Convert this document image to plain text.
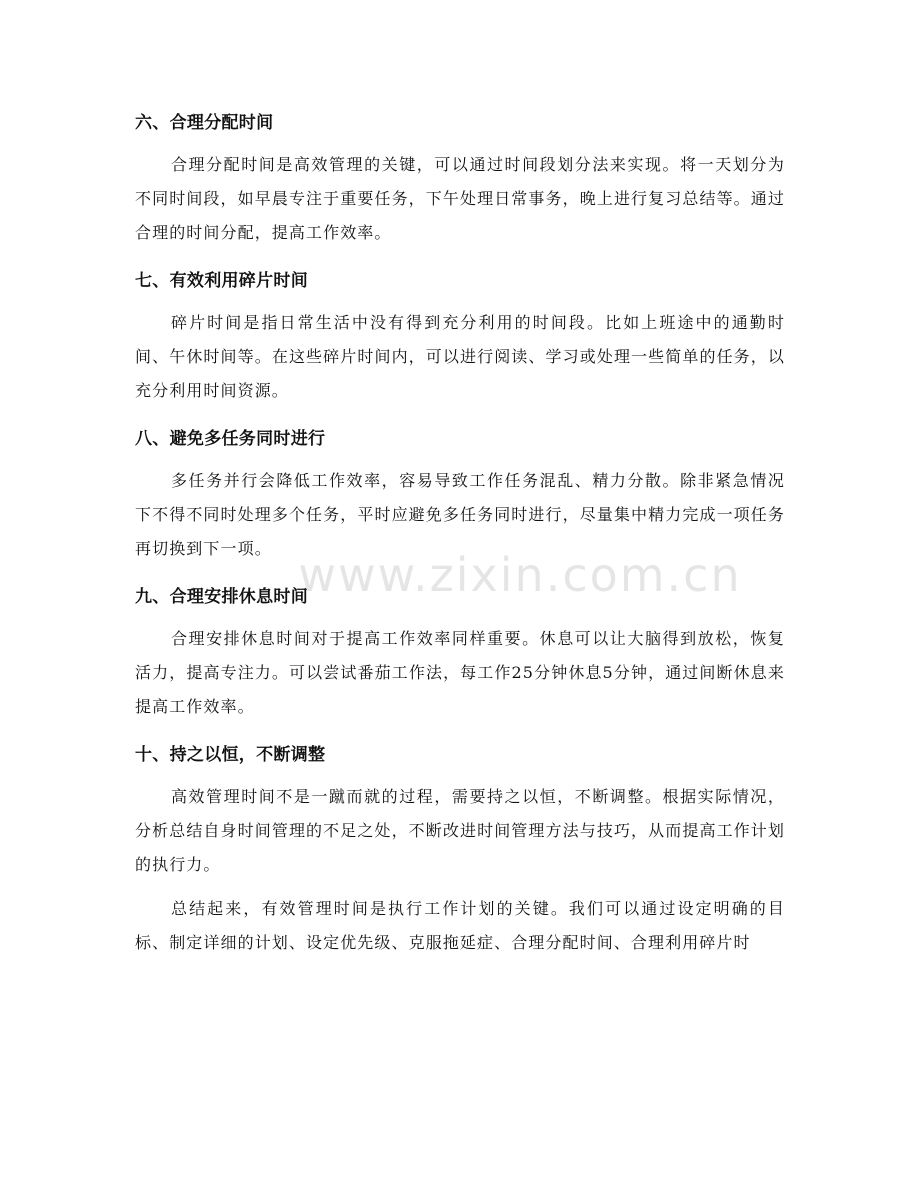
六、合理分配时间

合理分配时间是高效管理的关键，可以通过时间段划分法来实现。将一天划分为不同时间段，如早晨专注于重要任务，下午处理日常事务，晚上进行复习总结等。通过合理的时间分配，提高工作效率。

七、有效利用碎片时间

碎片时间是指日常生活中没有得到充分利用的时间段。比如上班途中的通勤时间、午休时间等。在这些碎片时间内，可以进行阅读、学习或处理一些简单的任务，以充分利用时间资源。

八、避免多任务同时进行

多任务并行会降低工作效率，容易导致工作任务混乱、精力分散。除非紧急情况下不得不同时处理多个任务，平时应避免多任务同时进行，尽量集中精力完成一项任务再切换到下一项。

九、合理安排休息时间

合理安排休息时间对于提高工作效率同样重要。休息可以让大脑得到放松，恢复活力，提高专注力。可以尝试番茄工作法，每工作25分钟休息5分钟，通过间断休息来提高工作效率。

十、持之以恒，不断调整

高效管理时间不是一蹴而就的过程，需要持之以恒，不断调整。根据实际情况，分析总结自身时间管理的不足之处，不断改进时间管理方法与技巧，从而提高工作计划的执行力。

总结起来，有效管理时间是执行工作计划的关键。我们可以通过设定明确的目标、制定详细的计划、设定优先级、克服拖延症、合理分配时间、合理利用碎片时

www.zixin.com.cn
